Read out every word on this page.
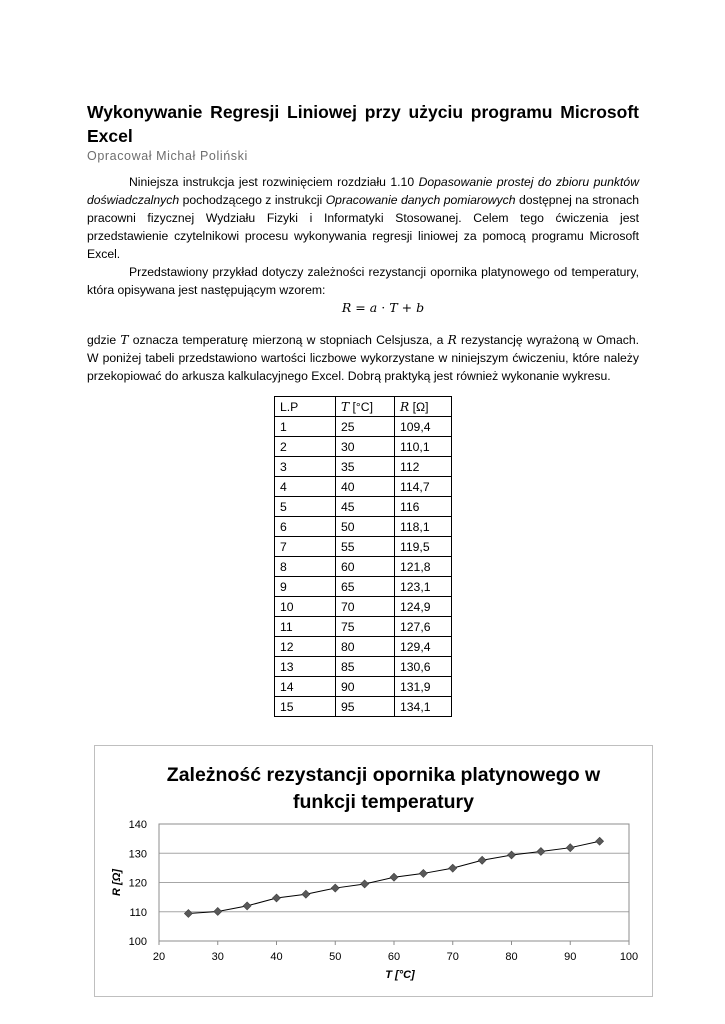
Wykonywanie Regresji Liniowej przy użyciu programu Microsoft Excel
Opracował Michał Poliński

Niniejsza instrukcja jest rozwinięciem rozdziału 1.10 Dopasowanie prostej do zbioru punktów doświadczalnych pochodzącego z instrukcji Opracowanie danych pomiarowych dostępnej na stronach pracowni fizycznej Wydziału Fizyki i Informatyki Stosowanej. Celem tego ćwiczenia jest przedstawienie czytelnikowi procesu wykonywania regresji liniowej za pomocą programu Microsoft Excel.

Przedstawiony przykład dotyczy zależności rezystancji opornika platynowego od temperatury, która opisywana jest następującym wzorem:

R = a ⋅ T + b

gdzie T oznacza temperaturę mierzoną w stopniach Celsjusza, a R rezystancję wyrażoną w Omach. W poniżej tabeli przedstawiono wartości liczbowe wykorzystane w niniejszym ćwiczeniu, które należy przekopiować do arkusza kalkulacyjnego Excel. Dobrą praktyką jest również wykonanie wykresu.

L.P	T [°C]	R [Ω]
1	25	109,4
2	30	110,1
3	35	112
4	40	114,7
5	45	116
6	50	118,1
7	55	119,5
8	60	121,8
9	65	123,1
10	70	124,9
11	75	127,6
12	80	129,4
13	85	130,6
14	90	131,9
15	95	134,1
Zależność rezystancji opornika platynowego w
funkcji temperatury
100
110
120
130
140
20	30	40	50	60	70	80	90	100
T [°C]
R [Ω]
